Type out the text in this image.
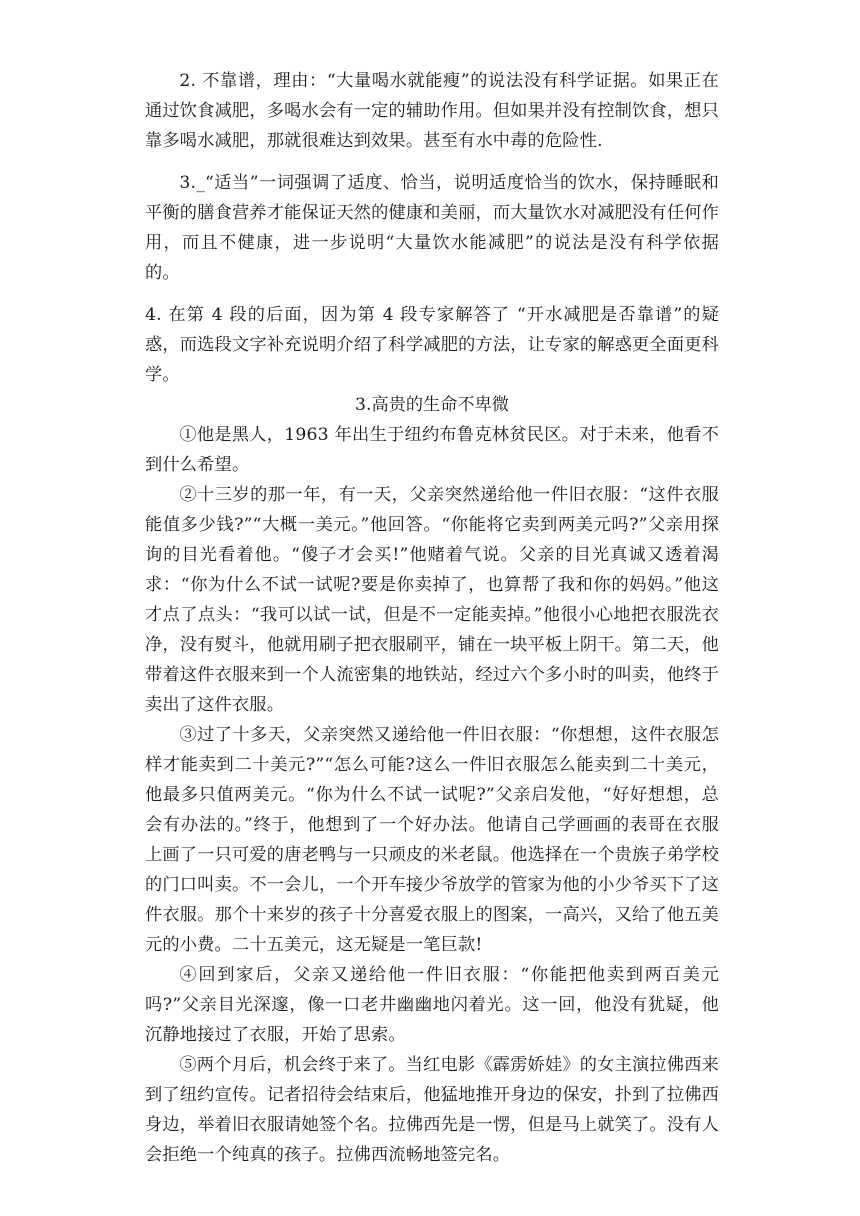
2. 不靠谱，理由：“大量喝水就能瘦”的说法没有科学证据。如果正在通过饮食减肥，多喝水会有一定的辅助作用。但如果并没有控制饮食，想只靠多喝水减肥，那就很难达到效果。甚至有水中毒的危险性.

3._“适当”一词强调了适度、恰当，说明适度恰当的饮水，保持睡眠和平衡的膳食营养才能保证天然的健康和美丽，而大量饮水对减肥没有任何作用，而且不健康，进一步说明“大量饮水能减肥”的说法是没有科学依据的。

4. 在第 4 段的后面，因为第 4 段专家解答了 “开水减肥是否靠谱”的疑惑，而选段文字补充说明介绍了科学减肥的方法，让专家的解惑更全面更科学。

3.高贵的生命不卑微

①他是黑人，1963 年出生于纽约布鲁克林贫民区。对于未来，他看不到什么希望。

②十三岁的那一年，有一天，父亲突然递给他一件旧衣服：“这件衣服能值多少钱?”“大概一美元。”他回答。“你能将它卖到两美元吗?”父亲用探询的目光看着他。“傻子才会买!”他赌着气说。父亲的目光真诚又透着渴求：“你为什么不试一试呢?要是你卖掉了，也算帮了我和你的妈妈。”他这才点了点头：“我可以试一试，但是不一定能卖掉。”他很小心地把衣服洗衣净，没有熨斗，他就用刷子把衣服刷平，铺在一块平板上阴干。第二天，他带着这件衣服来到一个人流密集的地铁站，经过六个多小时的叫卖，他终于卖出了这件衣服。

③过了十多天，父亲突然又递给他一件旧衣服：“你想想，这件衣服怎样才能卖到二十美元?”“怎么可能?这么一件旧衣服怎么能卖到二十美元，他最多只值两美元。“你为什么不试一试呢?”父亲启发他，“好好想想，总会有办法的。”终于，他想到了一个好办法。他请自己学画画的表哥在衣服上画了一只可爱的唐老鸭与一只顽皮的米老鼠。他选择在一个贵族子弟学校的门口叫卖。不一会儿，一个开车接少爷放学的管家为他的小少爷买下了这件衣服。那个十来岁的孩子十分喜爱衣服上的图案，一高兴，又给了他五美元的小费。二十五美元，这无疑是一笔巨款!

④回到家后，父亲又递给他一件旧衣服：“你能把他卖到两百美元吗?”父亲目光深邃，像一口老井幽幽地闪着光。这一回，他没有犹疑，他沉静地接过了衣服，开始了思索。

⑤两个月后，机会终于来了。当红电影《霹雳娇娃》的女主演拉佛西来到了纽约宣传。记者招待会结束后，他猛地推开身边的保安，扑到了拉佛西身边，举着旧衣服请她签个名。拉佛西先是一愣，但是马上就笑了。没有人会拒绝一个纯真的孩子。拉佛西流畅地签完名。
